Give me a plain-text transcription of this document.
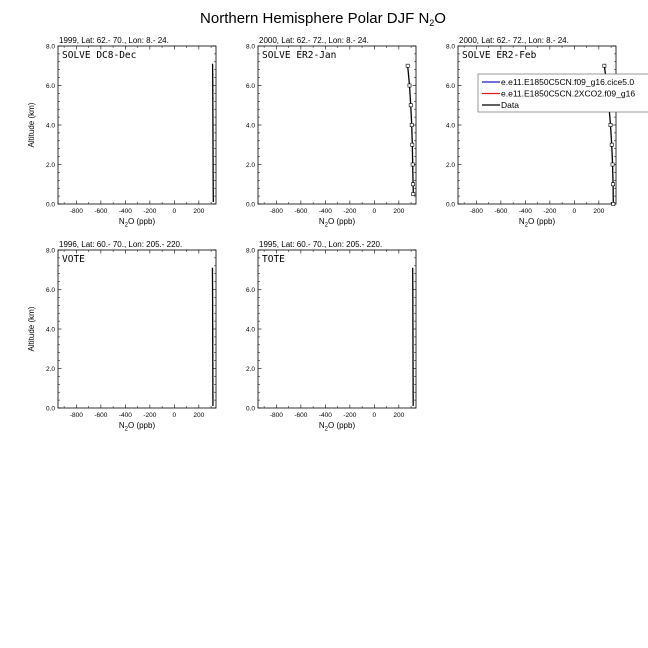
Northern Hemisphere Polar DJF $N_2O$
1999, Lat: 62.- 70., Lon: 8.- 24.
SOLVE DC8-Dec
-800 -600 -400 -200 0	200
0.0
2.0
4.0
6.0
8.0
$N_2O$ (ppb)
Altitude (km)
2000, Lat: 62.- 72., Lon: 8.- 24.
SOLVE ER2-Jan
-800 -600 -400 -200 0	200
0.0
2.0
4.0
6.0
8.0
$N_2O$ (ppb)
2000, Lat: 62.- 72., Lon: 8.- 24.
SOLVE ER2-Feb
-800 -600 -400 -200 0	200
0.0
2.0
4.0
6.0
8.0
$N_2O$ (ppb)
1996, Lat: 60.- 70., Lon: 205.- 220.
VOTE
-800 -600 -400 -200 0	200
0.0
2.0
4.0
6.0
8.0
$N_2O$ (ppb)
Altitude (km)
1995, Lat: 60.- 70., Lon: 205.- 220.
TOTE
-800 -600 -400 -200 0	200
0.0
2.0
4.0
6.0
8.0
$N_2O$ (ppb)
e.e11.E1850C5CN.f09_g16.cice5.0
e.e11.E1850C5CN.2XCO2.f09_g16
Data
